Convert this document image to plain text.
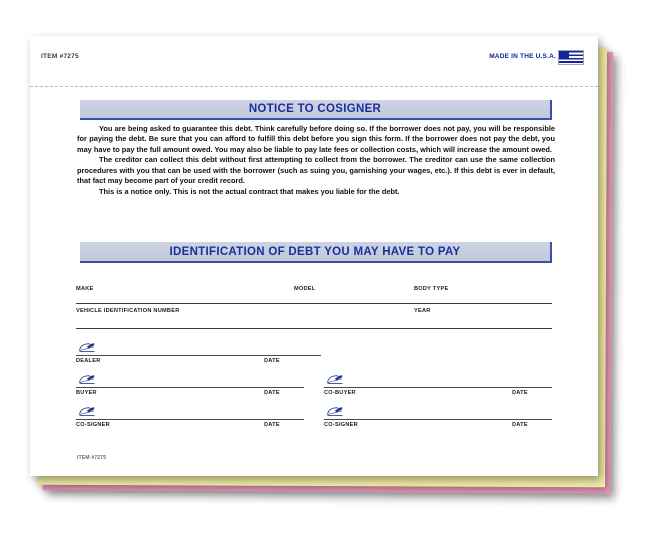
ITEM #7275	MADE IN THE U.S.A.
NOTICE TO COSIGNER

You are being asked to guarantee this debt. Think carefully before doing so. If the borrower does not pay, you will be responsible for paying the debt. Be sure that you can afford to fulfill this debt before you sign this form. If the borrower does not pay the debt, you may have to pay the full amount owed. You may also be liable to pay late fees or collection costs, which will increase the amount owed.

The creditor can collect this debt without first attempting to collect from the borrower. The creditor can use the same collection procedures with you that can be used with the borrower (such as suing you, garnishing your wages, etc.). If this debt is ever in default, that fact may become part of your credit record.

This is a notice only. This is not the actual contract that makes you liable for the debt.

IDENTIFICATION OF DEBT YOU MAY HAVE TO PAY
MAKE	MODEL	BODY TYPE
VEHICLE IDENTIFICATION NUMBER	YEAR
DEALER	DATE
BUYER	DATE	CO-BUYER	DATE
CO-SIGNER	DATE	CO-SIGNER	DATE
ITEM #7275
